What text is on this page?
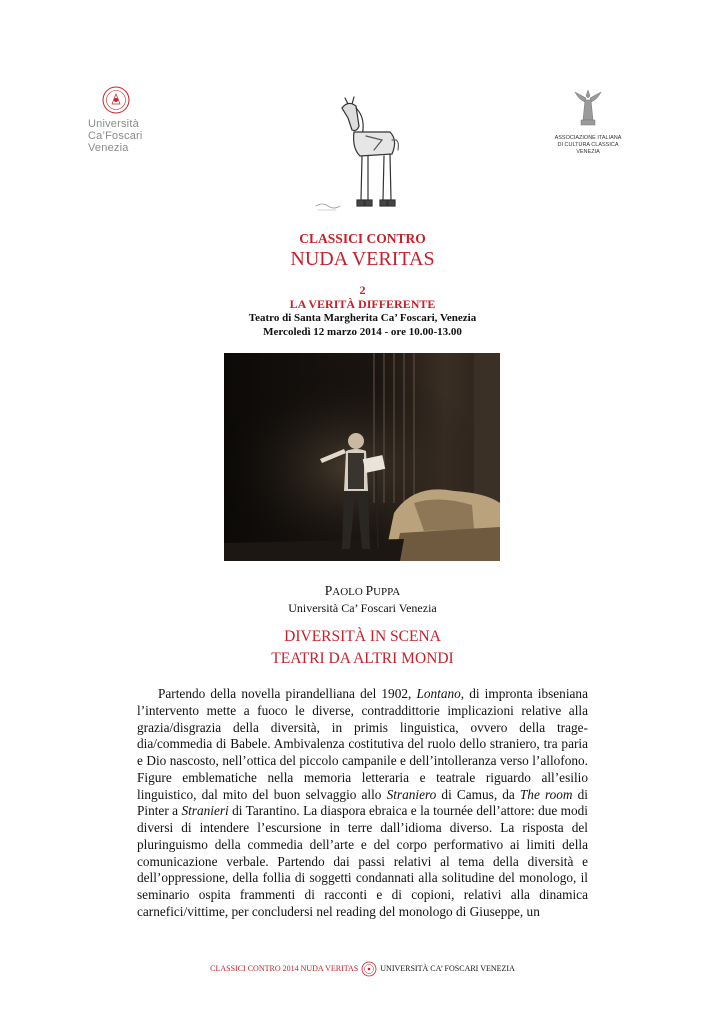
Università
Ca’Foscari
Venezia
ASSOCIAZIONE ITALIANA
DI CULTURA CLASSICA
VENEZIA
CLASSICI CONTRO
NUDA VERITAS
2
LA VERITÀ DIFFERENTE
Teatro di Santa Margherita Ca’ Foscari, Venezia
Mercoledì 12 marzo 2014 - ore 10.00-13.00
PAOLO PUPPA
Università Ca’ Foscari Venezia
DIVERSITÀ IN SCENA
TEATRI DA ALTRI MONDI

Partendo della novella pirandelliana del 1902, Lontano, di impronta ibseniana l’intervento mette a fuoco le diverse, contraddittorie implicazioni relative alla grazia/disgrazia della diversità, in primis linguistica, ovvero della trage-dia/commedia di Babele. Ambivalenza costitutiva del ruolo dello straniero, tra paria e Dio nascosto, nell’ottica del piccolo campanile e dell’intolleranza verso l’allofono. Figure emblematiche nella memoria letteraria e teatrale riguardo all’esilio linguistico, dal mito del buon selvaggio allo Straniero di Camus, da The room di Pinter a Stranieri di Tarantino. La diaspora ebraica e la tournée dell’attore: due modi diversi di intendere l’escursione in terre dall’idioma diverso. La risposta del pluringuismo della commedia dell’arte e del corpo performativo ai limiti della comunicazione verbale. Partendo dai passi relativi al tema della diversità e dell’oppressione, della follia di soggetti condannati alla solitudine del monologo, il seminario ospita frammenti di racconti e di copioni, relativi alla dinamica carnefici/vittime, per concludersi nel reading del monologo di Giuseppe, un

CLASSICI CONTRO 2014 NUDA VERITAS	UNIVERSITÀ CA’ FOSCARI VENEZIA
